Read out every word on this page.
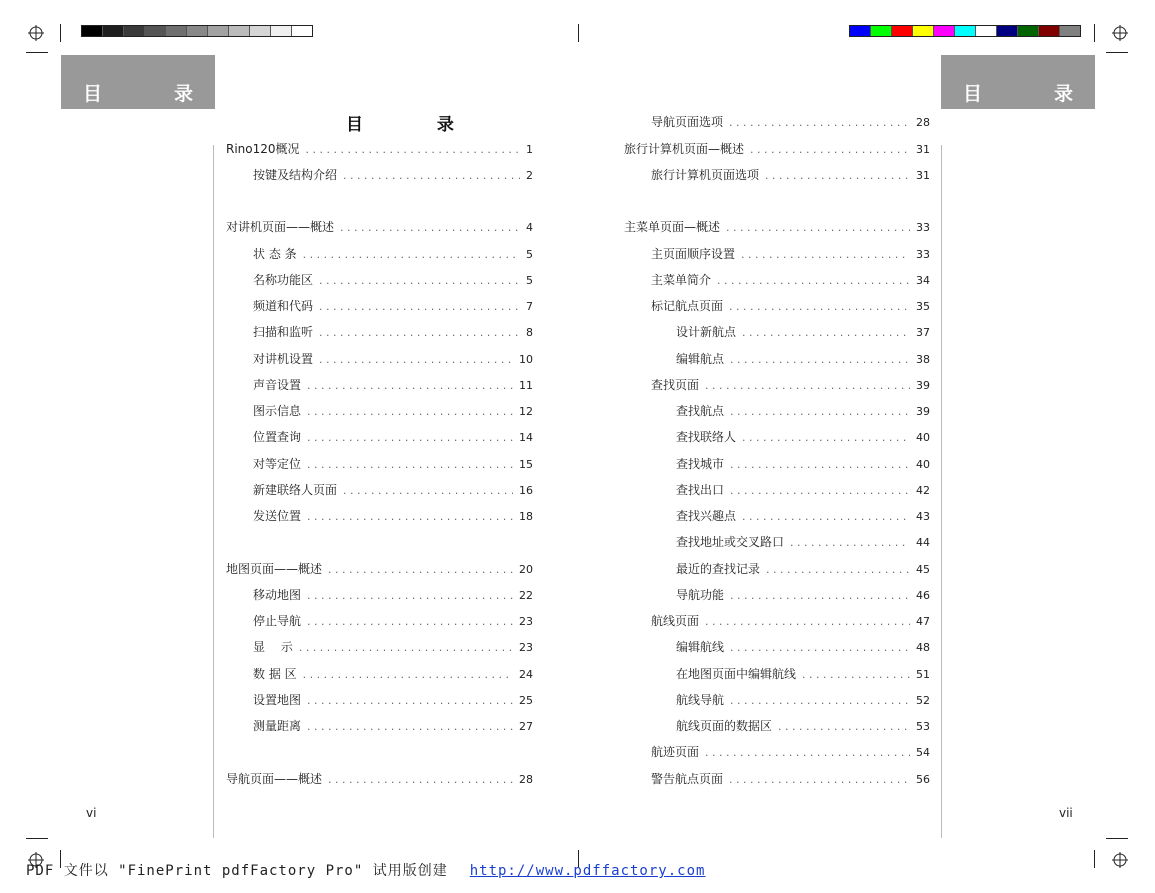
目	录	目	录
目 录
Rino120概况 . . .	1
按键及结构介绍 . . .	2
对讲机页面——概述 . . .	4
状 态 条 . . .	5
名称功能区 . . .	5
频道和代码 . . .	7
扫描和监听 . . .	8
对讲机设置 . . .	10
声音设置 . . .	11
图示信息 . . .	12
位置查询 . . .	14
对等定位 . . .	15
新建联络人页面 . . .	16
发送位置 . . .	18
地图页面——概述 . . .	20
移动地图 . . .	22
停止导航 . . .	23
显　 示 . . .	23
数 据 区 . . .	24
设置地图 . . .	25
测量距离 . . .	27
导航页面——概述 . . .	28
导航页面选项 . . .	28
旅行计算机页面—概述 . . .	31
旅行计算机页面选项 . . .	31
主菜单页面—概述 . . .	33
主页面顺序设置 . . .	33
主菜单简介 . . .	34
标记航点页面 . . .	35
设计新航点 . . .	37
编辑航点 . . .	38
查找页面 . . .	39
查找航点 . . .	39
查找联络人 . . .	40
查找城市 . . .	40
查找出口 . . .	42
查找兴趣点 . . .	43
查找地址或交叉路口 . . .	44
最近的查找记录 . . .	45
导航功能 . . .	46
航线页面 . . .	47
编辑航线 . . .	48
在地图页面中编辑航线 . . .	51
航线导航 . . .	52
航线页面的数据区 . . .	53
航迹页面 . . .	54
警告航点页面 . . .	56
vi	vii
PDF 文件以 "FinePrint pdfFactory Pro" 试用版创建 http://www.pdffactory.com
